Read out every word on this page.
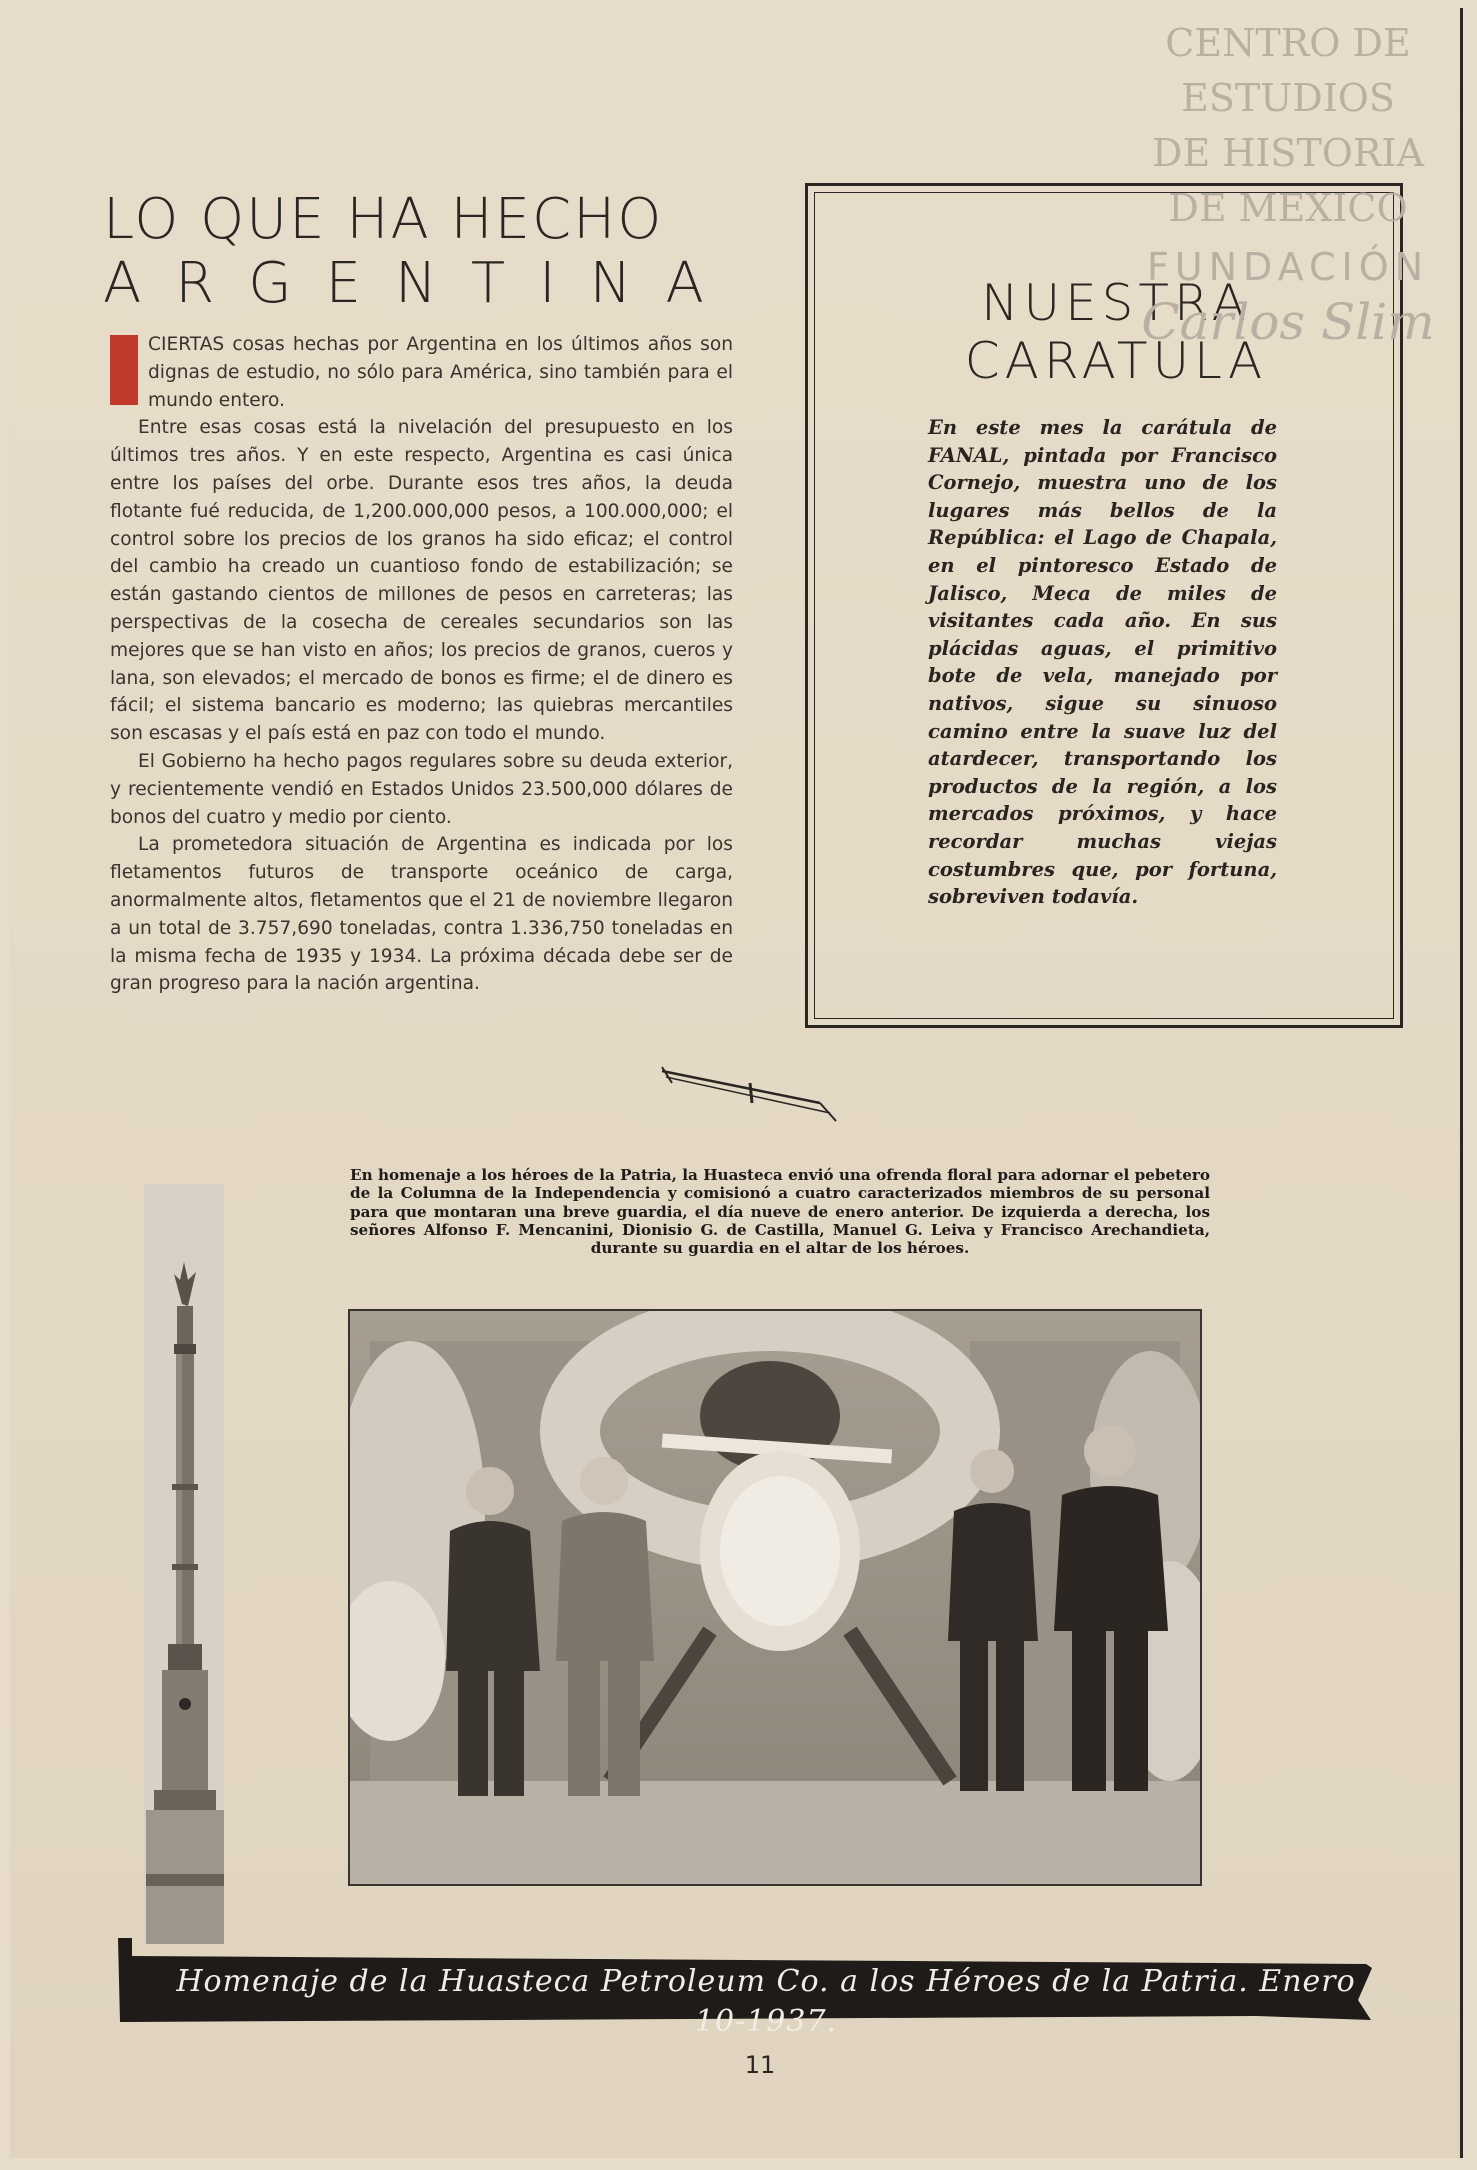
LO QUE HA HECHO
ARGENTINA
C	CIERTAS cosas hechas por Argentina en los últimos años son dignas de estudio, no sólo para América, sino también para el mundo entero.

Entre esas cosas está la nivelación del presupuesto en los últimos tres años. Y en este respecto, Argentina es casi única entre los países del orbe. Durante esos tres años, la deuda flotante fué reducida, de 1,200.000,000 pesos, a 100.000,000; el control sobre los precios de los granos ha sido eficaz; el control del cambio ha creado un cuantioso fondo de estabilización; se están gastando cientos de millones de pesos en carreteras; las perspectivas de la cosecha de cereales secundarios son las mejores que se han visto en años; los precios de granos, cueros y lana, son elevados; el mercado de bonos es firme; el de dinero es fácil; el sistema bancario es moderno; las quiebras mercantiles son escasas y el país está en paz con todo el mundo.

El Gobierno ha hecho pagos regulares sobre su deuda exterior, y recientemente vendió en Estados Unidos 23.500,000 dólares de bonos del cuatro y medio por ciento.

La prometedora situación de Argentina es indicada por los fletamentos futuros de transporte oceánico de carga, anormalmente altos, fletamentos que el 21 de noviembre llegaron a un total de 3.757,690 toneladas, contra 1.336,750 toneladas en la misma fecha de 1935 y 1934. La próxima década debe ser de gran progreso para la nación argentina.

NUESTRA
CARATULA
En este mes la carátula de FANAL, pintada por Francisco Cornejo, muestra uno de los lugares más bellos de la República: el Lago de Chapala, en el pintoresco Estado de Jalisco, Meca de miles de visitantes cada año. En sus plácidas aguas, el primitivo bote de vela, manejado por nativos, sigue su sinuoso camino entre la suave luz del atardecer, transportando los productos de la región, a los mercados próximos, y hace recordar muchas viejas costumbres que, por fortuna, sobreviven todavía.
En homenaje a los héroes de la Patria, la Huasteca envió una ofrenda floral para adornar el pebetero de la Columna de la Independencia y comisionó a cuatro caracterizados miembros de su personal para que montaran una breve guardia, el día nueve de enero anterior. De izquierda a derecha, los señores Alfonso F. Mencanini, Dionisio G. de Castilla, Manuel G. Leiva y Francisco Arechandieta, durante su guardia en el altar de los héroes.
Homenaje de la Huasteca Petroleum Co. a los Héroes de la Patria. Enero 10-1937.
11
CENTRO DE
ESTUDIOS
DE HISTORIA
DE MEXICO
FUNDACIÓN
Carlos Slim
